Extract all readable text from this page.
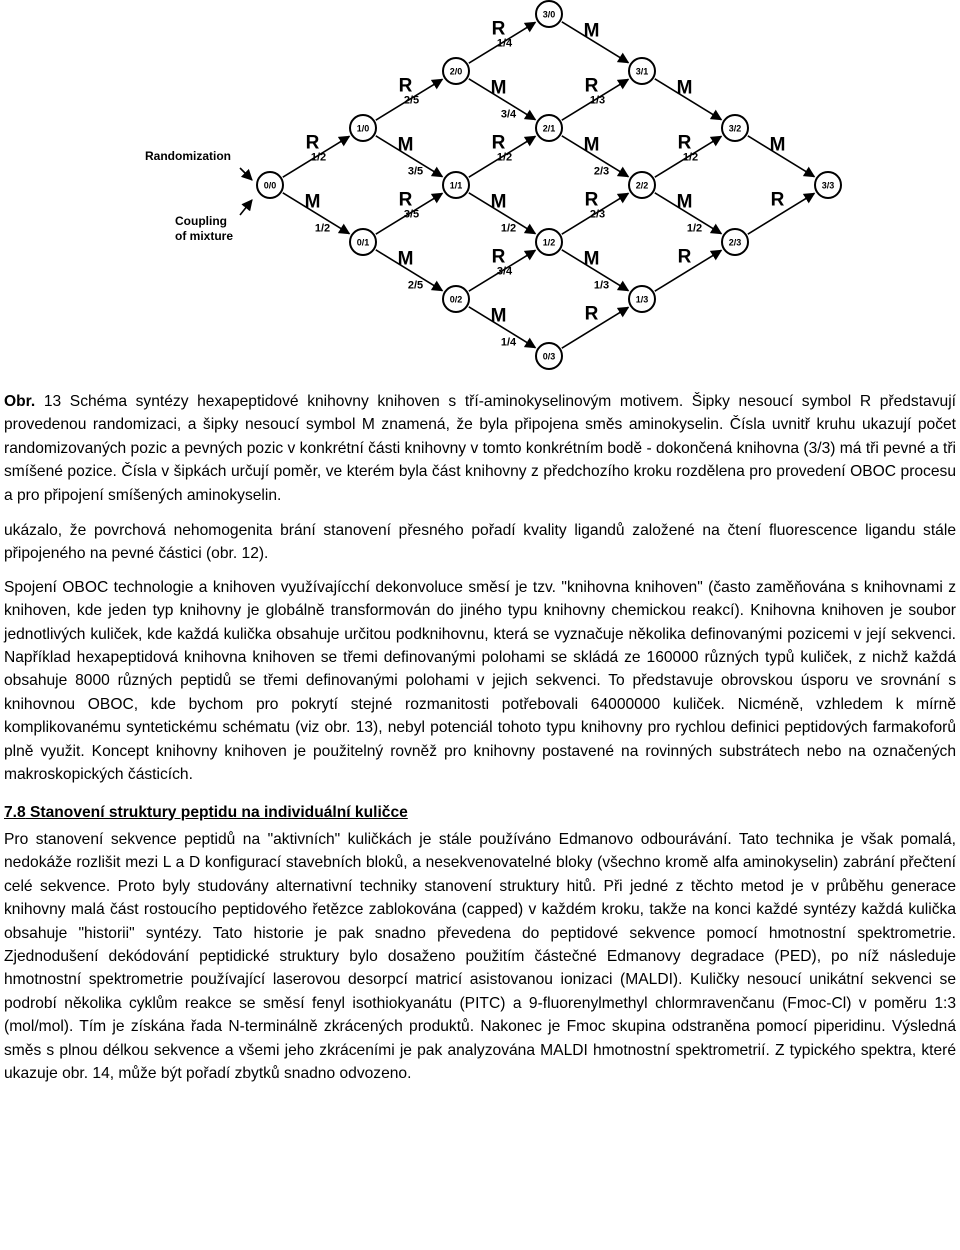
R
1/2
M
1/2
R
2/5
M
3/5
R
3/5
M
2/5
R
1/4
M
3/4
R
1/2
M
1/2
R
3/4
M
1/4
M
R
1/3
M
2/3
R
2/3
M
1/3
R
M
R
1/2
M
1/2
R
M
R
0/0
1/0
0/1
2/0
1/1
0/2
3/0
2/1
1/2
0/3
3/1
2/2
1/3
3/2
2/3
3/3
Randomization
Coupling
of mixture

Obr. 13 Schéma syntézy hexapeptidové knihovny knihoven s tří-aminokyselinovým motivem. Šipky nesoucí symbol R představují provedenou randomizaci, a šipky nesoucí symbol M znamená, že byla připojena směs aminokyselin. Čísla uvnitř kruhu ukazují počet randomizovaných pozic a pevných pozic v konkrétní části knihovny v tomto konkrétním bodě - dokončená knihovna (3/3) má tři pevné a tři smíšené pozice. Čísla v šipkách určují poměr, ve kterém byla část knihovny z předchozího kroku rozdělena pro provedení OBOC procesu a pro připojení smíšených aminokyselin.

ukázalo, že povrchová nehomogenita brání stanovení přesného pořadí kvality ligandů založené na čtení fluorescence ligandu stále připojeného na pevné částici (obr. 12).

Spojení OBOC technologie a knihoven využívajícchí dekonvoluce směsí je tzv. "knihovna knihoven" (často zaměňována s knihovnami z knihoven, kde jeden typ knihovny je globálně transformován do jiného typu knihovny chemickou reakcí). Knihovna knihoven je soubor jednotlivých kuliček, kde každá kulička obsahuje určitou podknihovnu, která se vyznačuje několika definovanými pozicemi v její sekvenci. Například hexapeptidová knihovna knihoven se třemi definovanými polohami se skládá ze 160000 různých typů kuliček, z nichž každá obsahuje 8000 různých peptidů se třemi definovanými polohami v jejich sekvenci. To představuje obrovskou úsporu ve srovnání s knihovnou OBOC, kde bychom pro pokrytí stejné rozmanitosti potřebovali 64000000 kuliček. Nicméně, vzhledem k mírně komplikovanému syntetickému schématu (viz obr. 13), nebyl potenciál tohoto typu knihovny pro rychlou definici peptidových farmakoforů plně využit. Koncept knihovny knihoven je použitelný rovněž pro knihovny postavené na rovinných substrátech nebo na označených makroskopických částicích.

7.8 Stanovení struktury peptidu na individuální kuličce

Pro stanovení sekvence peptidů na "aktivních" kuličkách je stále používáno Edmanovo odbourávání. Tato technika je však pomalá, nedokáže rozlišit mezi L a D konfigurací stavebních bloků, a nesekvenovatelné bloky (všechno kromě alfa aminokyselin) zabrání přečtení celé sekvence. Proto byly studovány alternativní techniky stanovení struktury hitů. Při jedné z těchto metod je v průběhu generace knihovny malá část rostoucího peptidového řetězce zablokována (capped) v každém kroku, takže na konci každé syntézy každá kulička obsahuje "historii" syntézy. Tato historie je pak snadno převedena do peptidové sekvence pomocí hmotnostní spektrometrie. Zjednodušení dekódování peptidické struktury bylo dosaženo použitím částečné Edmanovy degradace (PED), po níž následuje hmotnostní spektrometrie používající laserovou desorpcí matricí asistovanou ionizaci (MALDI). Kuličky nesoucí unikátní sekvenci se podrobí několika cyklům reakce se směsí fenyl isothiokyanátu (PITC) a 9-fluorenylmethyl chlormravenčanu (Fmoc-Cl) v poměru 1:3 (mol/mol). Tím je získána řada N-terminálně zkrácených produktů. Nakonec je Fmoc skupina odstraněna pomocí piperidinu. Výsledná směs s plnou délkou sekvence a všemi jeho zkráceními je pak analyzována MALDI hmotnostní spektrometrií. Z typického spektra, které ukazuje obr. 14, může být pořadí zbytků snadno odvozeno.
